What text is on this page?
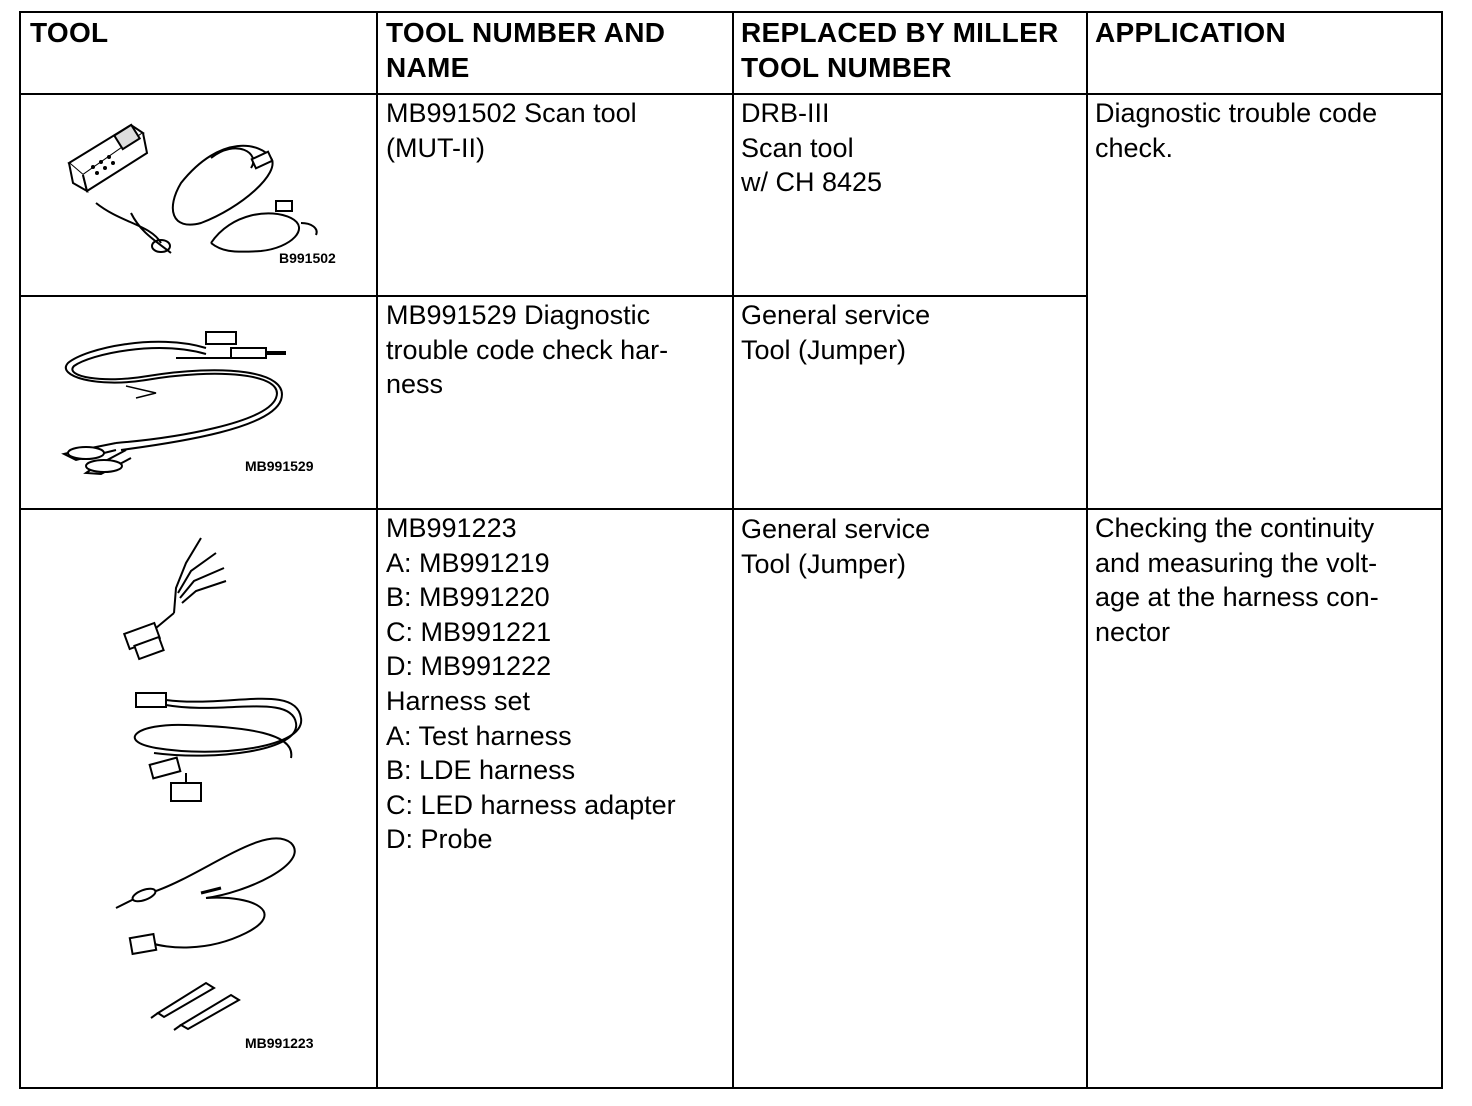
TOOL	TOOL NUMBER AND
NAME
REPLACED BY MILLER
TOOL NUMBER
APPLICATION
B991502
MB991502 Scan tool
(MUT-II)
DRB-III
Scan tool
w/ CH 8425
Diagnostic trouble code
check.
MB991529
MB991529 Diagnostic
trouble code check har-
ness
General service
Tool (Jumper)
MB991223
MB991223
A: MB991219
B: MB991220
C: MB991221
D: MB991222
Harness set
A: Test harness
B: LDE harness
C: LED harness adapter
D: Probe
General service
Tool (Jumper)
Checking the continuity
and measuring the volt-
age at the harness con-
nector
